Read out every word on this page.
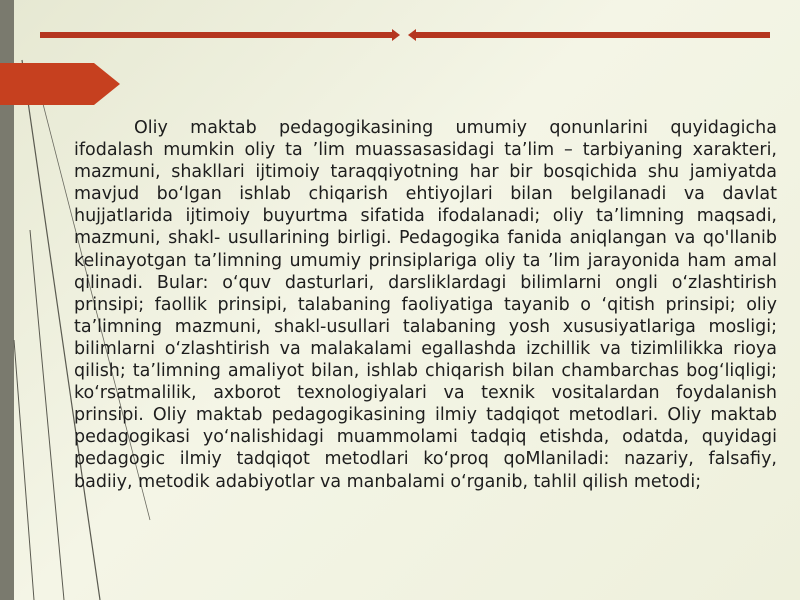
Oliy maktab pedagogikasining umumiy qonunlarini quyidagicha ifodalash mumkin oliy ta ’lim muassasasidagi ta’lim – tarbiyaning xarakteri, mazmuni, shakllari ijtimoiy taraqqiyotning har bir bosqichida shu jamiyatda mavjud bo‘lgan ishlab chiqarish ehtiyojlari bilan belgilanadi va davlat hujjatlarida ijtimoiy buyurtma sifatida ifodalanadi; oliy ta’limning maqsadi, mazmuni, shakl- usullarining birligi. Pedagogika fanida aniqlangan va qo'llanib kelinayotgan ta’limning umumiy prinsiplariga oliy ta ’lim jarayonida ham amal qilinadi. Bular: o‘quv dasturlari, darsliklardagi bilimlarni ongli o‘zlashtirish prinsipi; faollik prinsipi, talabaning faoliyatiga tayanib o ‘qitish prinsipi; oliy ta’limning mazmuni, shakl-usullari talabaning yosh xususiyatlariga mosligi; bilimlarni o‘zlashtirish va malakalami egallashda izchillik va tizimlilikka rioya qilish; ta’limning amaliyot bilan, ishlab chiqarish bilan chambarchas bog‘liqligi; ko‘rsatmalilik, axborot texnologiyalari va texnik vositalardan foydalanish prinsipi. Oliy maktab pedagogikasining ilmiy tadqiqot metodlari. Oliy maktab pedagogikasi yo‘nalishidagi muammolami tadqiq etishda, odatda, quyidagi pedagogic ilmiy tadqiqot metodlari ko‘proq qoMlaniladi: nazariy, falsafiy, badiiy, metodik adabiyotlar va manbalami o‘rganib, tahlil qilish metodi;
